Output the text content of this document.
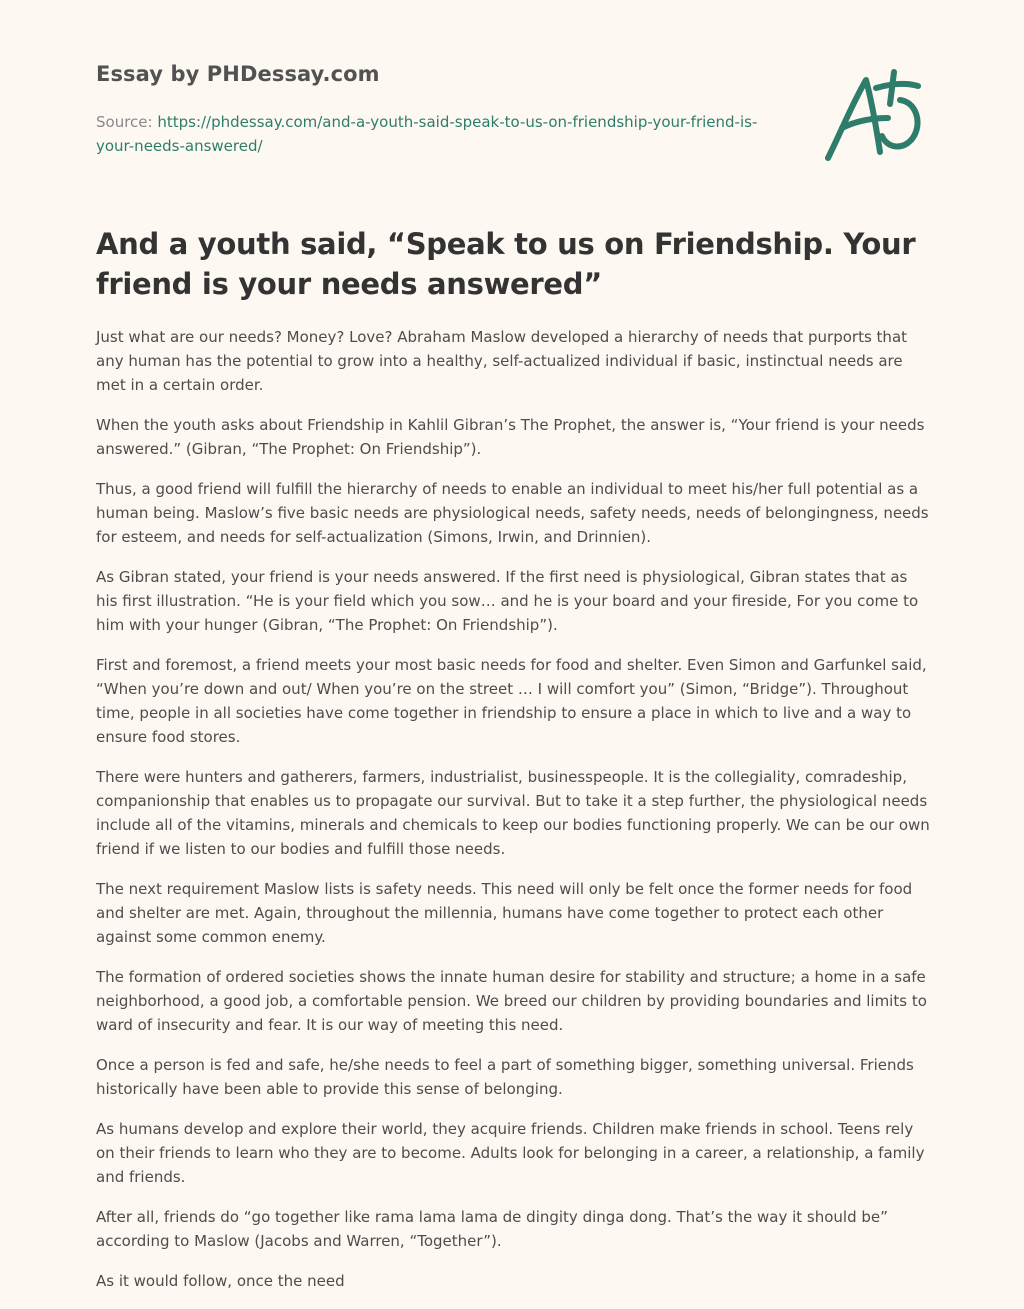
Essay by PHDessay.com
Source: https://phdessay.com/and-a-youth-said-speak-to-us-on-friendship-your-friend-is-your-needs-answered/
And a youth said, “Speak to us on Friendship. Your friend is your needs answered”

Just what are our needs? Money? Love? Abraham Maslow developed a hierarchy of needs that purports that any human has the potential to grow into a healthy, self-actualized individual if basic, instinctual needs are met in a certain order.

When the youth asks about Friendship in Kahlil Gibran’s The Prophet, the answer is, “Your friend is your needs answered.” (Gibran, “The Prophet: On Friendship”).

Thus, a good friend will fulfill the hierarchy of needs to enable an individual to meet his/her full potential as a human being. Maslow’s five basic needs are physiological needs, safety needs, needs of belongingness, needs for esteem, and needs for self-actualization (Simons, Irwin, and Drinnien).

As Gibran stated, your friend is your needs answered. If the first need is physiological, Gibran states that as his first illustration. “He is your field which you sow… and he is your board and your fireside, For you come to him with your hunger (Gibran, “The Prophet: On Friendship”).

First and foremost, a friend meets your most basic needs for food and shelter. Even Simon and Garfunkel said, “When you’re down and out/ When you’re on the street … I will comfort you” (Simon, “Bridge”). Throughout time, people in all societies have come together in friendship to ensure a place in which to live and a way to ensure food stores.

There were hunters and gatherers, farmers, industrialist, businesspeople. It is the collegiality, comradeship, companionship that enables us to propagate our survival. But to take it a step further, the physiological needs include all of the vitamins, minerals and chemicals to keep our bodies functioning properly. We can be our own friend if we listen to our bodies and fulfill those needs.

The next requirement Maslow lists is safety needs. This need will only be felt once the former needs for food and shelter are met. Again, throughout the millennia, humans have come together to protect each other against some common enemy.

The formation of ordered societies shows the innate human desire for stability and structure; a home in a safe neighborhood, a good job, a comfortable pension. We breed our children by providing boundaries and limits to ward of insecurity and fear. It is our way of meeting this need.

Once a person is fed and safe, he/she needs to feel a part of something bigger, something universal. Friends historically have been able to provide this sense of belonging.

As humans develop and explore their world, they acquire friends. Children make friends in school. Teens rely on their friends to learn who they are to become. Adults look for belonging in a career, a relationship, a family and friends.

After all, friends do “go together like rama lama lama de dingity dinga dong. That’s the way it should be” according to Maslow (Jacobs and Warren, “Together”).

As it would follow, once the need
